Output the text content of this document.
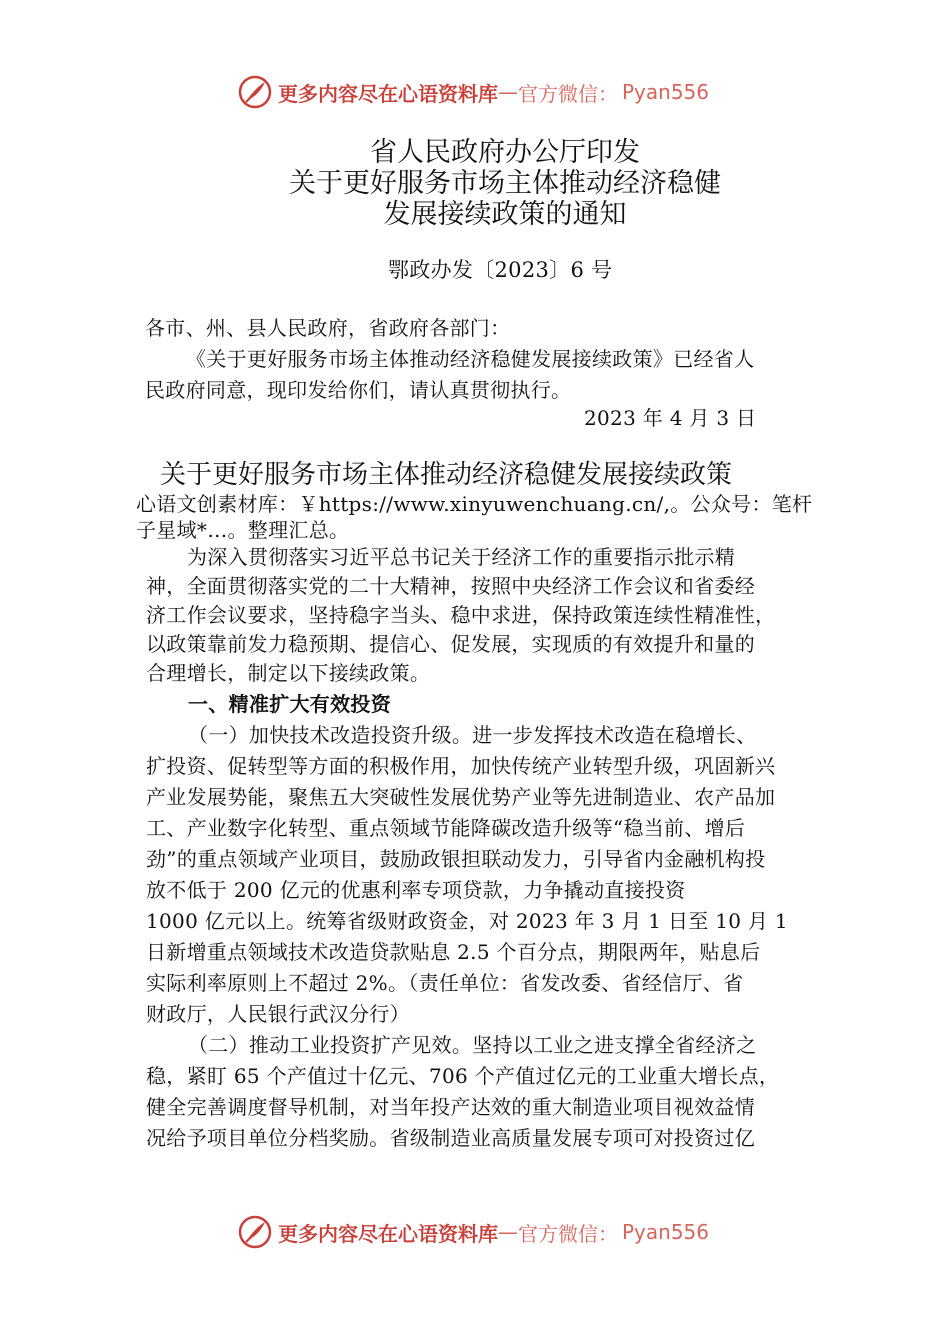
更多内容尽在心语资料库 — 官方微信： Pyan556
省人民政府办公厅印发
关于更好服务市场主体推动经济稳健
发展接续政策的通知
鄂政办发〔2023〕6 号
各市、州、县人民政府，省政府各部门：
《关于更好服务市场主体推动经济稳健发展接续政策》已经省人
民政府同意，现印发给你们，请认真贯彻执行。
2023 年 4 月 3 日
关于更好服务市场主体推动经济稳健发展接续政策
心语文创素材库：￥https://www.xinyuwenchuang.cn/,。公众号：笔杆
子星域*…。整理汇总。
为深入贯彻落实习近平总书记关于经济工作的重要指示批示精
神，全面贯彻落实党的二十大精神，按照中央经济工作会议和省委经
济工作会议要求，坚持稳字当头、稳中求进，保持政策连续性精准性，
以政策靠前发力稳预期、提信心、促发展，实现质的有效提升和量的
合理增长，制定以下接续政策。
一、精准扩大有效投资
（一）加快技术改造投资升级。进一步发挥技术改造在稳增长、
扩投资、促转型等方面的积极作用，加快传统产业转型升级，巩固新兴
产业发展势能，聚焦五大突破性发展优势产业等先进制造业、农产品加
工、产业数字化转型、重点领域节能降碳改造升级等“稳当前、增后
劲”的重点领域产业项目，鼓励政银担联动发力，引导省内金融机构投
放不低于 200 亿元的优惠利率专项贷款，力争撬动直接投资
1000 亿元以上。统筹省级财政资金，对 2023 年 3 月 1 日至 10 月 1
日新增重点领域技术改造贷款贴息 2.5 个百分点，期限两年，贴息后
实际利率原则上不超过 2%。（责任单位：省发改委、省经信厅、省
财政厅，人民银行武汉分行）
（二）推动工业投资扩产见效。坚持以工业之进支撑全省经济之
稳，紧盯 65 个产值过十亿元、706 个产值过亿元的工业重大增长点，
健全完善调度督导机制，对当年投产达效的重大制造业项目视效益情
况给予项目单位分档奖励。省级制造业高质量发展专项可对投资过亿
更多内容尽在心语资料库 — 官方微信： Pyan556
